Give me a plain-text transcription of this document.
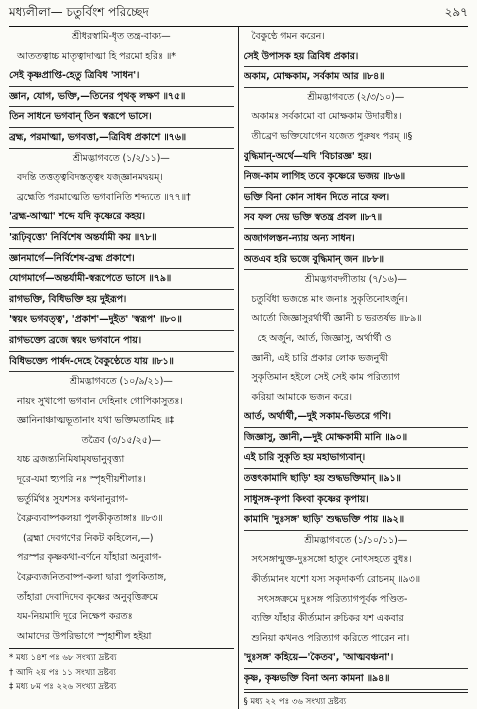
মধ্যলীলা— চতুর্বিংশ পরিচ্ছেদ	২৯৭
শ্রীধরস্বামি-ধৃত তন্ত্র-বাক্য—
আততত্বাচ্চ মাতৃত্বাদাত্মা হি পরমো হরিঃ ॥*
সেই কৃষ্ণপ্রাপ্তি-হেতু ত্রিবিধ 'সাধন'।
জ্ঞান, যোগ, ভক্তি,—তিনের পৃথক্ লক্ষণ ॥৭৫॥
তিন সাধনে ভগবান্ তিন স্বরূপে ভাসে।
ব্রহ্ম, পরমাত্মা, ভগবত্তা,—ত্রিবিধ প্রকাশে ॥৭৬॥
শ্রীমদ্ভাগবতে (১/২/১১)—
বদন্তি তত্তত্ত্ববিদস্তত্ত্বং যজ্জ্ঞানমদ্বয়ম্।
ব্রহ্মেতি পরমাত্মেতি ভগবানিতি শব্দ্যতে ॥৭৭॥†
'ব্রহ্ম-আত্মা' শব্দে যদি কৃষ্ণেরে কহয়।
'রূঢ়িবৃত্ত্যে' নির্বিশেষ অন্তর্যামী কয় ॥৭৮॥
জ্ঞানমার্গে—নির্বিশেষ-ব্রহ্ম প্রকাশে।
যোগমার্গে—অন্তর্যামী-স্বরূপেতে ভাসে ॥৭৯॥
রাগভক্তি, বিধিভক্তি হয় দুইরূপ।
'স্বয়ং ভগবত্ত্ব', 'প্রকাশ'—দুইত' 'স্বরূপ' ॥৮০॥
রাগভক্ত্যে ব্রজে স্বয়ং ভগবানে পায়।
বিধিভক্ত্যে পার্ষদ-দেহে বৈকুণ্ঠেতে যায় ॥৮১॥
শ্রীমদ্ভাগবতে (১০/৯/২১)—
নায়ং সুখাপো ভগবান দেহিনাং গোপিকাসুতঃ।
জ্ঞানিনাঞ্চাত্মভূতানাং যথা ভক্তিমতামিহ ॥‡
তত্রৈব (৩/১৫/২৫)—
যচ্চ ব্রজন্ত্যনিমিষামৃষভানুবৃত্ত্যা
দূরে-যমা হ্যুপরি নঃ স্পৃহণীয়শীলাঃ।
ভর্তুর্মিথঃ সুযশসঃ কথনানুরাগ-
বৈক্লব্যবাষ্পকলয়া পুলকীকৃতাঙ্গাঃ ॥৮৩॥
(ব্রহ্মা দেবগণের নিকট কহিলেন,—)
পরস্পর কৃষ্ণকথা-বর্ণনে যাঁহারা অনুরাগ-
বৈক্লব্যজনিতবাষ্প-কলা দ্বারা পুলকিতাঙ্গ,
তাঁহারা দেবাদিদেব কৃষ্ণের অনুবৃত্তিক্রমে
যম-নিয়মাদি দূরে নিক্ষেপ করতঃ
আমাদের উপরিভাগে স্পৃহাশীল হইয়া
* মধ্য ১৪শ পঃ ৬৮ সংখ্যা দ্রষ্টব্য
† আদি ২য় পঃ ১১ সংখ্যা দ্রষ্টব্য
‡ মধ্য ৮ম পঃ ২২৬ সংখ্যা দ্রষ্টব্য
বৈকুণ্ঠে গমন করেন।
সেই উপাসক হয় ত্রিবিধ প্রকার।
অকাম, মোক্ষকাম, সর্বকাম আর ॥৮৪॥
শ্রীমদ্ভাগবতে (২/৩/১০)—
অকামঃ সর্বকামো বা মোক্ষকাম উদারধীঃ।
তীব্রেণ ভক্তিযোগেন যজেত পুরুষং পরম্ ॥§
বুদ্ধিমান্-অর্থে—যদি 'বিচারজ্ঞ' হয়।
নিজ-কাম লাগিহ তবে কৃষ্ণেরে ভজয় ॥৮৬॥
ভক্তি বিনা কোন সাধন দিতে নারে ফল।
সব ফল দেয় ভক্তি স্বতন্ত্র প্রবল ॥৮৭॥
অজাগলস্তন-ন্যায় অন্য সাধন।
অতএব হরি ভজে বুদ্ধিমান্ জন ॥৮৮॥
শ্রীমদ্ভগবদ্গীতায় (৭/১৬)—
চতুর্বিধা ভজন্তে মাং জনাঃ সুকৃতিনোঽর্জুন।
আর্তো জিজ্ঞাসুরর্থার্থী জ্ঞানী চ ভরতর্ষভ ॥৮৯॥
হে অর্জুন, আর্ত, জিজ্ঞাসু, অর্থার্থী ও
জ্ঞানী, এই চারি প্রকার লোক ভজনুখী
সুকৃতিমান হইলে সেই সেই কাম পরিত্যাগ
করিয়া আমাকে ভজন করে।
আর্ত, অর্থার্থী,—দুই সকাম-ভিতরে গণি।
জিজ্ঞাসু, জ্ঞানী,—দুই মোক্ষকামী মানি ॥৯০॥
এই চারি সুকৃতি হয় মহাভাগ্যবান্।
তত্তৎকামাদি ছাড়ি' হয় শুদ্ধভক্তিমান্ ॥৯১॥
সাধুসঙ্গ-কৃপা কিংবা কৃষ্ণের কৃপায়।
কামাদি 'দুঃসঙ্গ' ছাড়ি' শুদ্ধভক্তি পায় ॥৯২॥
শ্রীমদ্ভাগবতে (১/১০/১১)—
সৎসঙ্গান্মুক্ত-দুঃসঙ্গো হাতুং নোৎসহতে বুধঃ।
কীর্ত্যমানং যশো যস্য সকৃদাকর্ণ্য রোচনম্ ॥৯৩॥
সৎসঙ্গক্রমে দুঃসঙ্গ পরিত্যাগপূর্বক পণ্ডিত-
ব্যক্তি যাঁহার কীর্ত্যমান রুচিকর যশ একবার
শুনিয়া কখনও পরিত্যাগ করিতে পারেন না।
'দুঃসঙ্গ' কহিয়ে—'কৈতব', 'আত্মবঞ্চনা'।
কৃষ্ণ, কৃষ্ণভক্তি বিনা অন্য কামনা ॥৯৪॥
§ মধ্য ২২ পঃ ৩৬ সংখ্যা দ্রষ্টব্য
